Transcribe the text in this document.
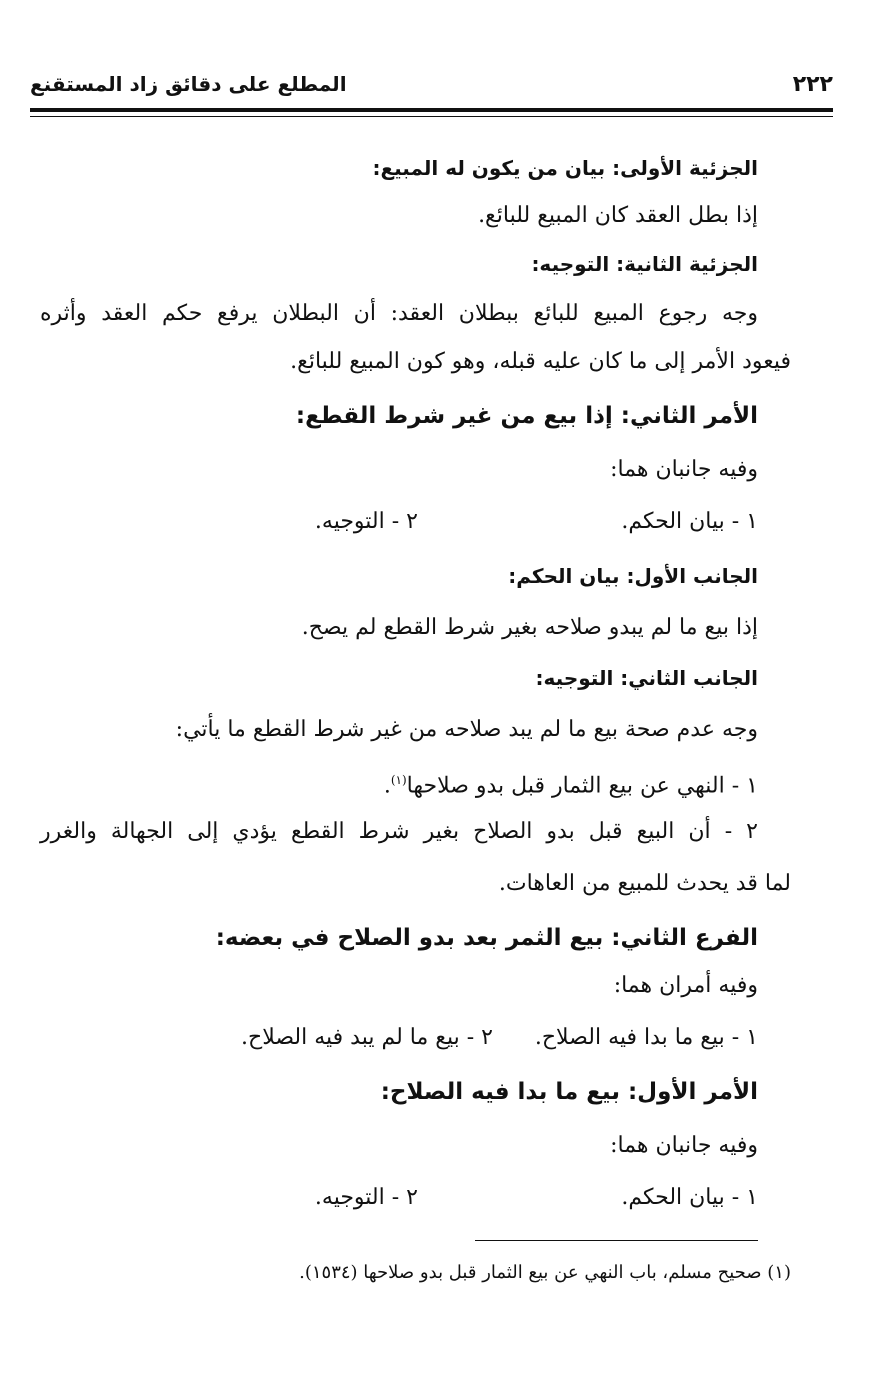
٢٢٢
المطلع على دقائق زاد المستقنع
الجزئية الأولى: بيان من يكون له المبيع:
إذا بطل العقد كان المبيع للبائع.
الجزئية الثانية: التوجيه:
وجه رجوع المبيع للبائع ببطلان العقد: أن البطلان يرفع حكم العقد وأثره
فيعود الأمر إلى ما كان عليه قبله، وهو كون المبيع للبائع.
الأمر الثاني: إذا بيع من غير شرط القطع:
وفيه جانبان هما:
١ - بيان الحكم.
٢ - التوجيه.
الجانب الأول: بيان الحكم:
إذا بيع ما لم يبدو صلاحه بغير شرط القطع لم يصح.
الجانب الثاني: التوجيه:
وجه عدم صحة بيع ما لم يبد صلاحه من غير شرط القطع ما يأتي:
١ - النهي عن بيع الثمار قبل بدو صلاحها$^{(١)}$.
٢ - أن البيع قبل بدو الصلاح بغير شرط القطع يؤدي إلى الجهالة والغرر
لما قد يحدث للمبيع من العاهات.
الفرع الثاني: بيع الثمر بعد بدو الصلاح في بعضه:
وفيه أمران هما:
١ - بيع ما بدا فيه الصلاح.
٢ - بيع ما لم يبد فيه الصلاح.
الأمر الأول: بيع ما بدا فيه الصلاح:
وفيه جانبان هما:
١ - بيان الحكم.
٢ - التوجيه.
(١) صحيح مسلم، باب النهي عن بيع الثمار قبل بدو صلاحها (١٥٣٤).
